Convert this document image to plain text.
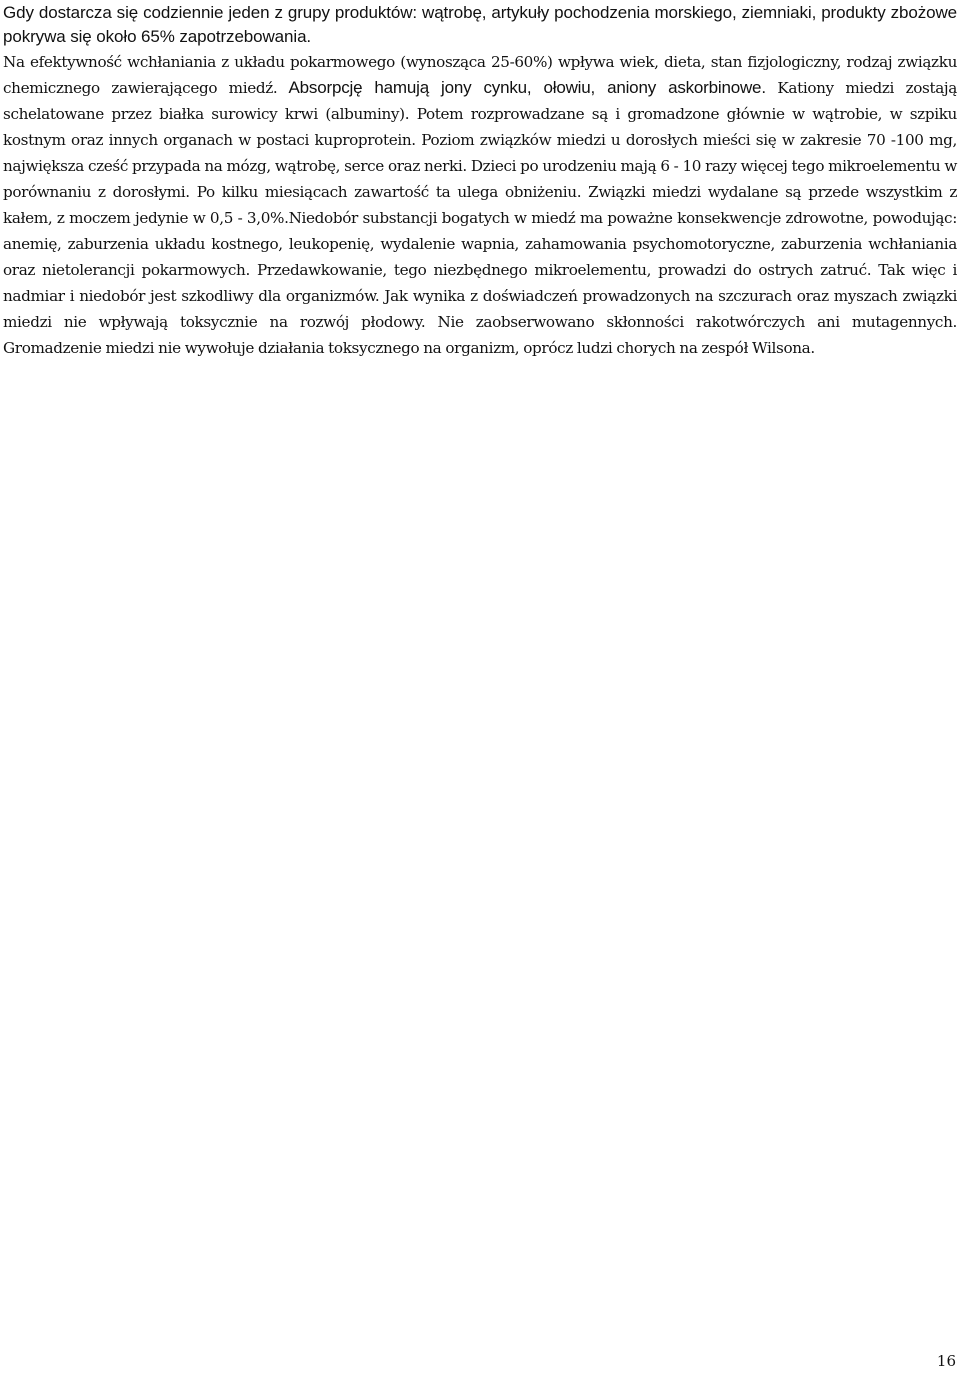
Gdy dostarcza się codziennie jeden z grupy produktów: wątrobę, artykuły pochodzenia morskiego, ziemniaki, produkty zbożowe pokrywa się około 65% zapotrzebowania.

Na efektywność wchłaniania z układu pokarmowego (wynosząca 25-60%) wpływa wiek, dieta, stan fizjologiczny, rodzaj związku chemicznego zawierającego miedź. Absorpcję hamują jony cynku, ołowiu, aniony askorbinowe. Kationy miedzi zostają schelatowane przez białka surowicy krwi (albuminy). Potem rozprowadzane są i gromadzone głównie w wątrobie, w szpiku kostnym oraz innych organach w postaci kuproprotein. Poziom związków miedzi u dorosłych mieści się w zakresie 70 -100 mg, największa cześć przypada na mózg, wątrobę, serce oraz nerki. Dzieci po urodzeniu mają 6 - 10 razy więcej tego mikroelementu w porównaniu z dorosłymi. Po kilku miesiącach zawartość ta ulega obniżeniu. Związki miedzi wydalane są przede wszystkim z kałem, z moczem jedynie w 0,5 - 3,0%.Niedobór substancji bogatych w miedź ma poważne konsekwencje zdrowotne, powodując: anemię, zaburzenia układu kostnego, leukopenię, wydalenie wapnia, zahamowania psychomotoryczne, zaburzenia wchłaniania oraz nietolerancji pokarmowych. Przedawkowanie, tego niezbędnego mikroelementu, prowadzi do ostrych zatruć. Tak więc i nadmiar i niedobór jest szkodliwy dla organizmów. Jak wynika z doświadczeń prowadzonych na szczurach oraz myszach związki miedzi nie wpływają toksycznie na rozwój płodowy. Nie zaobserwowano skłonności rakotwórczych ani mutagennych. Gromadzenie miedzi nie wywołuje działania toksycznego na organizm, oprócz ludzi chorych na zespół Wilsona.

16
